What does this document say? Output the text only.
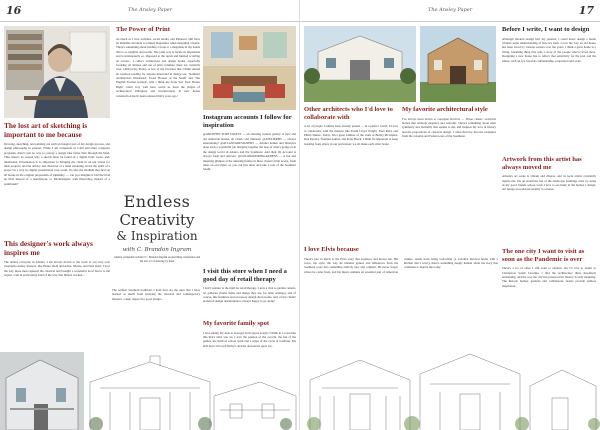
16	The Ansley Paper
The lost art of sketching is important to me because
Drawing, sketching, and painting are such an integral part of my design process, and design philosophy in general. While I am competent in CAD and other computer programs, there's just no way to convey a design idea better than through the hand. Thus there's no reason why a sketch must be found in a digital field, loose, and, intentional. Presentation is so important to bringing the client in on our vision for their projects, and the artistry and character of a hand rendering reveal the spirit of a project in a way no digital presentation ever could. It's also the medium that first set all hooks in the original proponents of humanity — can you imagine if DaVinci had an iPad instead of a sketchbook, or Michelangelo with Photoshop instead of a paintbrush?
This designer's work always inspires me
The almost everyone in Atlanta, I am always drawn to the work of our very own twentieth century masters, like Hentz, Reid and Adler, Shutze, and Neel Reid; I love the way those men captured the classical and brought a wonderful local flavor to the region. I am in particularly fond of the way that Shutze worked...
The Power of Print
As much as I love websites, social media, and Pinterest, still have an indelible devotion to printed magazines when designing a home. There's something about holding a book or a magazine in my hands that is so tangible and tactile. The print way is fertile in inspiration and is intentionally so. Opposed to the quick and hurried scrolling on screen... I collect architecture and design books, especially focusing on antique and out of print volumes; there are currently over 1,000 in my library. A few of my favorites that I think should be required reading for anyone interested in design are: 'Southern Architecture Illustrated', 'Great Houses of the South' and 'The English Formal Garden'. And I think the book 'Get Your House Right' could very well have saved us from the plague of architectural ambiguity and inventiveness in new house construction had it been released thirty years ago!
Instagram accounts I follow for inspiration
@ARCHITECTURE DIGEST — an amazing curated gallery of new and old American homes, all classic and timeless! @ATELIERHV — always entertaining! @ATLANTADESIGNERS — Atlanta homes and lifestyles done such a wonderful job bringing together the best of what's going on in the design world in Atlanta and the Southeast. And their ID Account is always fresh and relevant. @COLORADORINGARDENS — A fun and inspiring glimpse at the amazing homes in these classics little towns, fresh takes on old styles, so you can just relax and take a tour of the Southern South.
Endless
Creativity
& Inspiration
with C. Brandon Ingram
Atlanta residential architect C. Brandon Ingram on sketching, inspiration and the lost art of drawing by hand
I visit this store when I need a good day of retail therapy
I don't venture to the mall for retail therapy. I love a visit to garden centers, art galleries (home items and things they use for table settings), and of course, fine furniture and accessory design showrooms. Any of my clients' preferred design destinations is always happy to go along!
My favorite family spot
I love taking my kids to Georgia Tech sports events. I think in a town like this that's what you do. I love the passion of the crowds, the fun of the games, the thrill of school spirit and a sense of the cycle of tradition. My kids have all loved Nicky's and the downtown spots too.
The earliest Southern traditions I hold dear are the ones that I have learned so much from studying the classical and contemporary masters; a deep respect for good design...
The Ansley Paper	17
Before I write, I want to design
Although modern design isn't my passion, I could never design a home without some understanding of how it's built. I love the way an old house has been loved by various owners over the years. I think a great home is a living, breathing thing that tells a story of the people who've lived there. Designing a new house has to reflect that sensitivity for the past and the future, with an eye towards craftsmanship, proportion and scale.
Other architects who I'd love to collaborate with
A lot of people I admire have already passed — in a perfect world, I'd love to collaborate with the masters like Frank Lloyd Wright, Neel Reid, and Philip Shutze. Today, I'm a great admirer of the work of Bobby McAlpine, Ken Pursley, Norman Askins, and Peter Block. I think it's important to keep learning from others in our profession; we all make each other better.
My favorite architectural style
I've always been drawn to Georgian Revival — Those classic, red-brick homes that embody elegance and restraint. There's something about their symmetry and formality that speaks to me, and inspires my love of history and the proportions of classical design. I often find my favorite examples from the colonial and Federal eras of the Southeast.
Artwork from this artist has always moved me
Atlanta's art scene is vibrant and diverse, and its local artists constantly inspire me. I'm an enormous fan of the landscape paintings done by some of my good friends whose work I love to see hung in the homes I design. Art brings soul and personality to a house.
The one city I want to visit as soon as the Pandemic is over
There's a lot of cities I still want to explore, but I'd love to return to Charleston, South Carolina. I find the architecture there absolutely enchanting, and the way the city has preserved its history is truly inspiring. The historic homes, gardens and cobblestone streets provide endless inspiration.
I love Elvis because
There's just so much to the Elvis story that surprises and moves me. His voice, his style, the way he blended genres and influences from his Southern roots into something entirely new and original. He never forgot where he came from, and his music remains an essential part of American culture. Aside from being Graceland (a Colonial Revival home with a kitchen that I love!), there's something deeply human about his story that continues to inspire me today.
